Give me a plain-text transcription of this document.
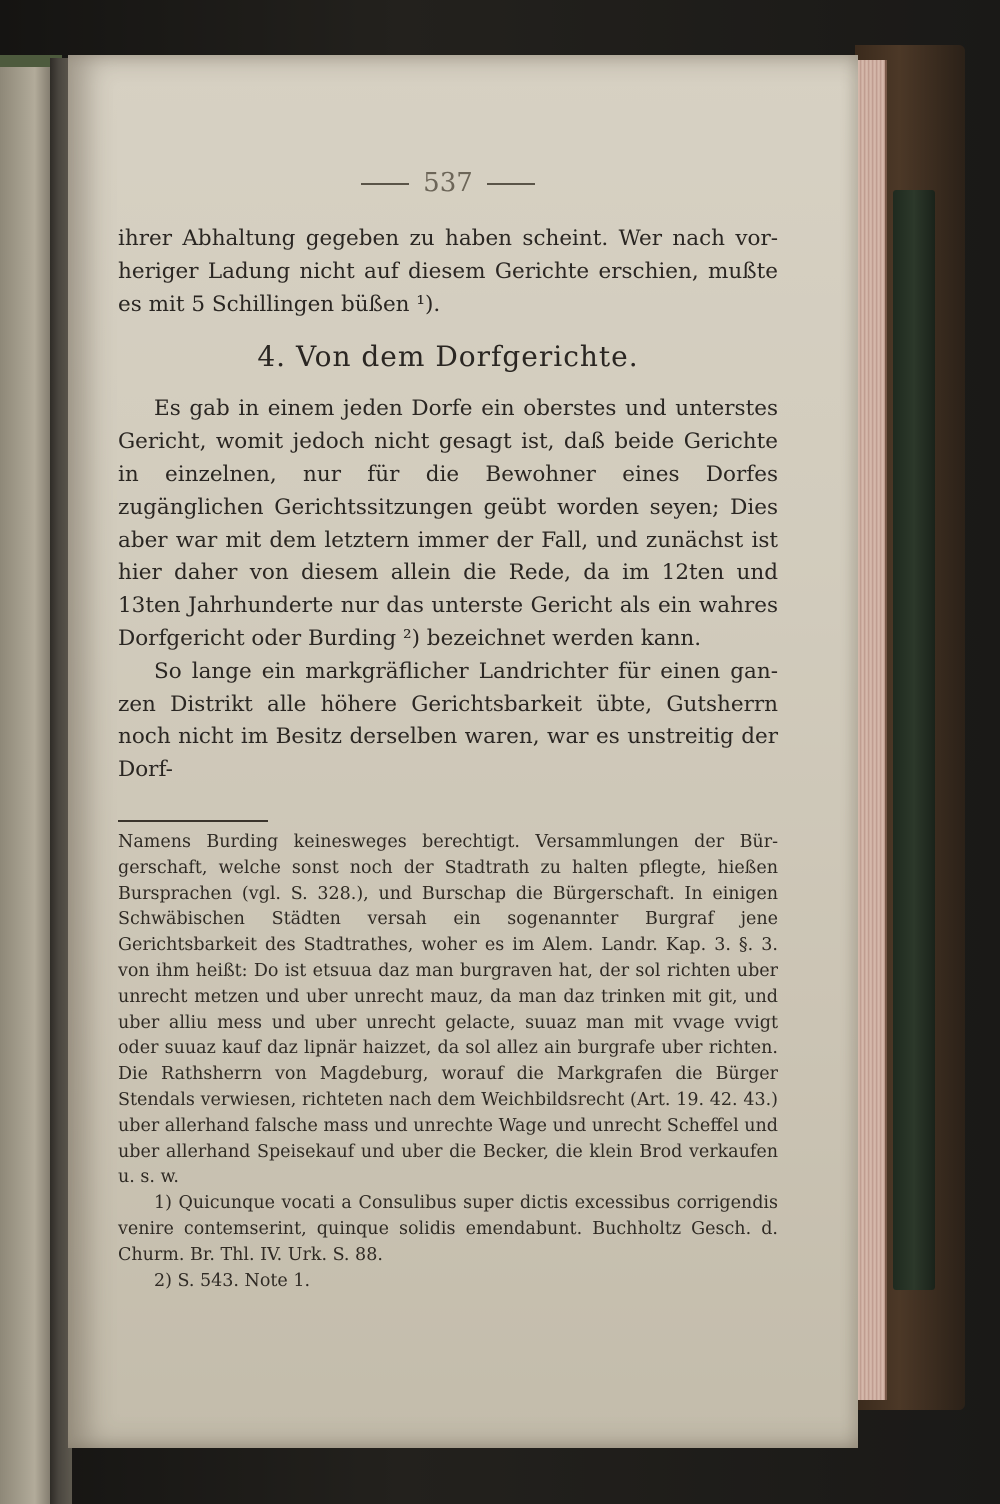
537

ihrer Abhaltung gegeben zu haben scheint. Wer nach vorheriger Ladung nicht auf diesem Gerichte erschien, mußte es mit 5 Schillingen büßen ¹).

4. Von dem Dorfgerichte.

Es gab in einem jeden Dorfe ein oberstes und unterstes Gericht, womit jedoch nicht gesagt ist, daß beide Gerichte in einzelnen, nur für die Bewohner eines Dorfes zugänglichen Gerichtssitzungen geübt worden seyen; Dies aber war mit dem letztern immer der Fall, und zunächst ist hier daher von diesem allein die Rede, da im 12ten und 13ten Jahrhunderte nur das unterste Gericht als ein wahres Dorfgericht oder Burding ²) bezeichnet werden kann.

So lange ein markgräflicher Landrichter für einen ganzen Distrikt alle höhere Gerichtsbarkeit übte, Gutsherrn noch nicht im Besitz derselben waren, war es unstreitig der Dorf-

Namens Burding keinesweges berechtigt. Versammlungen der Bürgerschaft, welche sonst noch der Stadtrath zu halten pflegte, hießen Bursprachen (vgl. S. 328.), und Burschap die Bürgerschaft. In einigen Schwäbischen Städten versah ein sogenannter Burgraf jene Gerichtsbarkeit des Stadtrathes, woher es im Alem. Landr. Kap. 3. §. 3. von ihm heißt: Do ist etsuua daz man burgraven hat, der sol richten uber unrecht metzen und uber unrecht mauz, da man daz trinken mit git, und uber alliu mess und uber unrecht gelacte, suuaz man mit vvage vvigt oder suuaz kauf daz lipnär haizzet, da sol allez ain burgrafe uber richten. Die Rathsherrn von Magdeburg, worauf die Markgrafen die Bürger Stendals verwiesen, richteten nach dem Weichbildsrecht (Art. 19. 42. 43.) uber allerhand falsche mass und unrechte Wage und unrecht Scheffel und uber allerhand Speisekauf und uber die Becker, die klein Brod verkaufen u. s. w.

1) Quicunque vocati a Consulibus super dictis excessibus corrigendis venire contemserint, quinque solidis emendabunt. Buchholtz Gesch. d. Churm. Br. Thl. IV. Urk. S. 88.

2) S. 543. Note 1.
